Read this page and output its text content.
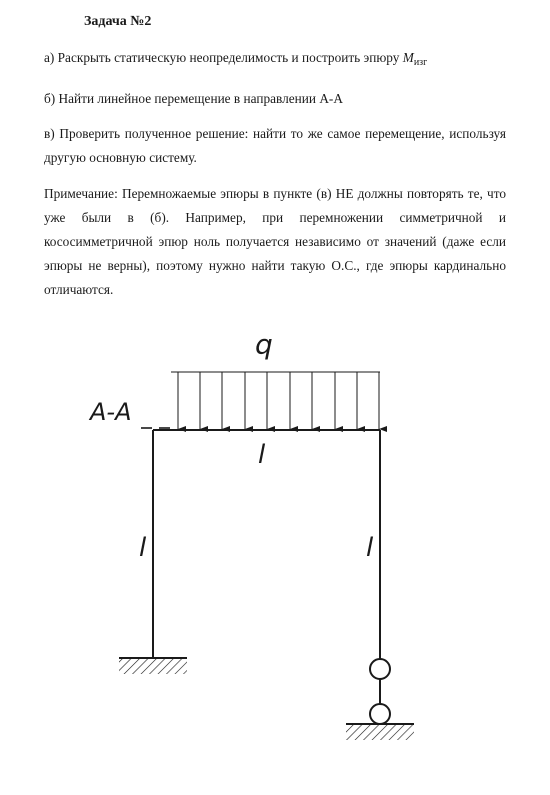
Задача №2

а) Раскрыть статическую неопределимость и построить эпюру $M_{изг}$

б) Найти линейное перемещение в направлении А-А

в) Проверить полученное решение: найти то же самое перемещение, используя другую основную систему.

Примечание: Перемножаемые эпюры в пункте (в) НЕ должны повторять те, что уже были в (б). Например, при перемножении симметричной и кососимметричной эпюр ноль получается независимо от значений (даже если эпюры не верны), поэтому нужно найти такую О.С., где эпюры кардинально отличаются.

q
A-A
l
l	l
